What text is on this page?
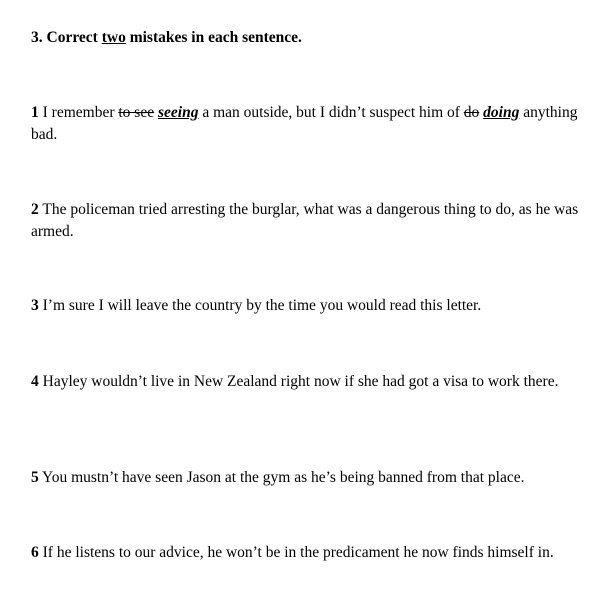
3. Correct two mistakes in each sentence.
1 I remember to see seeing a man outside, but I didn’t suspect him of do doing anything bad.
2 The policeman tried arresting the burglar, what was a dangerous thing to do, as he was armed.
3 I’m sure I will leave the country by the time you would read this letter.
4 Hayley wouldn’t live in New Zealand right now if she had got a visa to work there.
5 You mustn’t have seen Jason at the gym as he’s being banned from that place.
6 If he listens to our advice, he won’t be in the predicament he now finds himself in.
